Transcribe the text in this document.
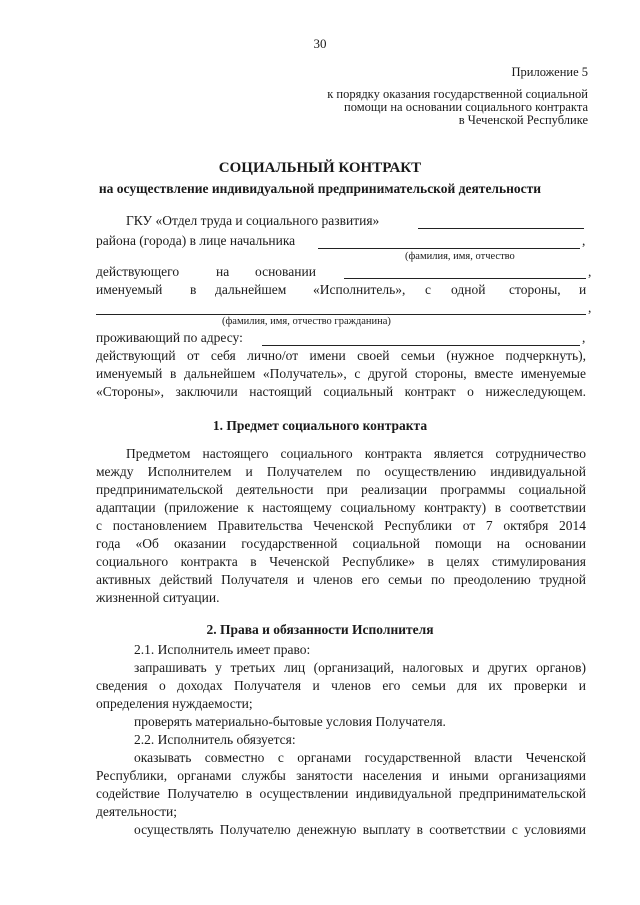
30
Приложение 5
к порядку оказания государственной социальной
помощи на основании социального контракта
в Чеченской Республике
СОЦИАЛЬНЫЙ КОНТРАКТ
на осуществление индивидуальной предпринимательской деятельности
ГКУ «Отдел труда и социального развития»
района (города) в лице начальника	,
(фамилия, имя, отчество
действующего	на основании	,
именуемый в дальнейшем «Исполнитель», с одной стороны, и
,
(фамилия, имя, отчество гражданина)
проживающий по адресу:	,
действующий от себя лично/от имени своей семьи (нужное подчеркнуть),
именуемый в дальнейшем «Получатель», с другой стороны, вместе именуемые
«Стороны», заключили настоящий социальный контракт о нижеследующем.
1. Предмет социального контракта
Предметом настоящего социального контракта является сотрудничество
между Исполнителем и Получателем по осуществлению индивидуальной
предпринимательской деятельности при реализации программы социальной
адаптации (приложение к настоящему социальному контракту) в соответствии
с постановлением Правительства Чеченской Республики от 7 октября 2014
года «Об оказании государственной социальной помощи на основании
социального контракта в Чеченской Республике» в целях стимулирования
активных действий Получателя и членов его семьи по преодолению трудной
жизненной ситуации.
2. Права и обязанности Исполнителя
2.1. Исполнитель имеет право:
запрашивать у третьих лиц (организаций, налоговых и других органов)
сведения о доходах Получателя и членов его семьи для их проверки и
определения нуждаемости;
проверять материально-бытовые условия Получателя.
2.2. Исполнитель обязуется:
оказывать совместно с органами государственной власти Чеченской
Республики, органами службы занятости населения и иными организациями
содействие Получателю в осуществлении индивидуальной предпринимательской
деятельности;
осуществлять Получателю денежную выплату в соответствии с условиями
